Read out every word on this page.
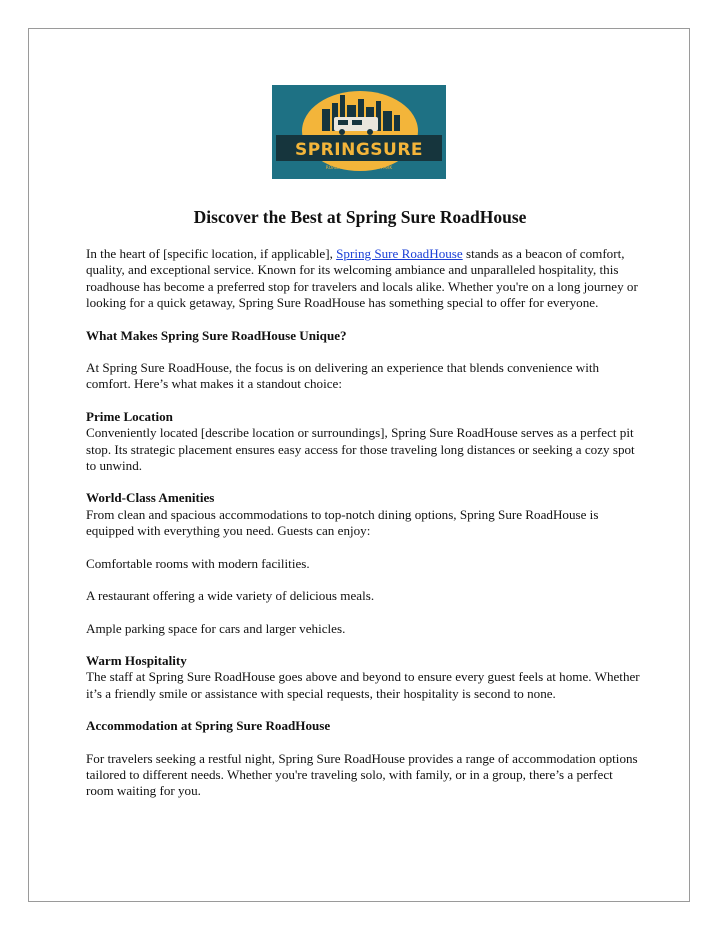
SPRINGSURE
ROADHOUSE & CARAVAN PARK
Discover the Best at Spring Sure RoadHouse

In the heart of [specific location, if applicable], Spring Sure RoadHouse stands as a beacon of comfort, quality, and exceptional service. Known for its welcoming ambiance and unparalleled hospitality, this roadhouse has become a preferred stop for travelers and locals alike. Whether you're on a long journey or looking for a quick getaway, Spring Sure RoadHouse has something special to offer for everyone.

What Makes Spring Sure RoadHouse Unique?

At Spring Sure RoadHouse, the focus is on delivering an experience that blends convenience with comfort. Here’s what makes it a standout choice:

Prime Location

Conveniently located [describe location or surroundings], Spring Sure RoadHouse serves as a perfect pit stop. Its strategic placement ensures easy access for those traveling long distances or seeking a cozy spot to unwind.

World-Class Amenities

From clean and spacious accommodations to top-notch dining options, Spring Sure RoadHouse is equipped with everything you need. Guests can enjoy:

Comfortable rooms with modern facilities.

A restaurant offering a wide variety of delicious meals.

Ample parking space for cars and larger vehicles.

Warm Hospitality

The staff at Spring Sure RoadHouse goes above and beyond to ensure every guest feels at home. Whether it’s a friendly smile or assistance with special requests, their hospitality is second to none.

Accommodation at Spring Sure RoadHouse

For travelers seeking a restful night, Spring Sure RoadHouse provides a range of accommodation options tailored to different needs. Whether you're traveling solo, with family, or in a group, there’s a perfect room waiting for you.
